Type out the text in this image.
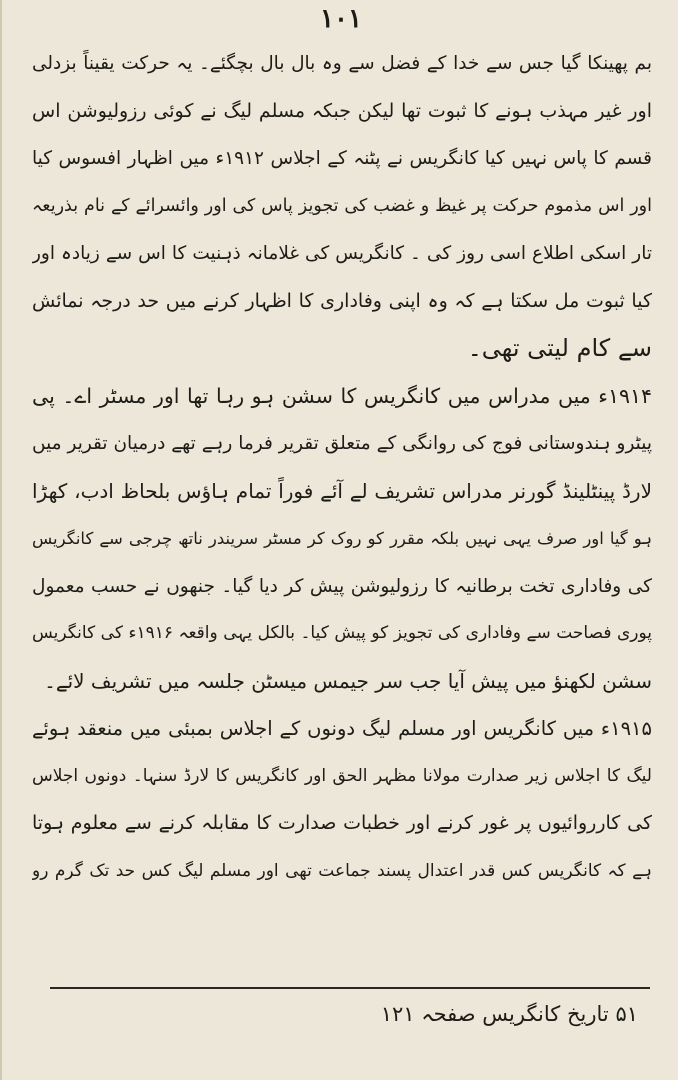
١٠١
بم پھینکا گیا جس سے خدا کے فضل سے وہ بال بال بچگئے۔ یہ حرکت یقیناً بزدلی
اور غیر مہذب ہونے کا ثبوت تھا لیکن جبکہ مسلم لیگ نے کوئی رزولیوشن اس
قسم کا پاس نہیں کیا کانگریس نے پٹنہ کے اجلاس ۱۹۱۲ء میں اظہار افسوس کیا
اور اس مذموم حرکت پر غیظ و غضب کی تجویز پاس کی اور وائسرائے کے نام بذریعہ
تار اسکی اطلاع اسی روز کی ۔ کانگریس کی غلامانہ ذہنیت کا اس سے زیادہ اور
کیا ثبوت مل سکتا ہے کہ وہ اپنی وفاداری کا اظہار کرنے میں حد درجہ نمائش
سے کام لیتی تھی۔
۱۹۱۴ء میں مدراس میں کانگریس کا سشن ہو رہا تھا اور مسٹر اے۔ پی
پیٹرو ہندوستانی فوج کی روانگی کے متعلق تقریر فرما رہے تھے درمیان تقریر میں
لارڈ پینٹلینڈ گورنر مدراس تشریف لے آئے فوراً تمام ہاؤس بلحاظ ادب، کھڑا
ہو گیا اور صرف یہی نہیں بلکہ مقرر کو روک کر مسٹر سریندر ناتھ چرجی سے کانگریس
کی وفاداری تخت برطانیہ کا رزولیوشن پیش کر دیا گیا۔ جنھوں نے حسب معمول
پوری فصاحت سے وفاداری کی تجویز کو پیش کیا۔ بالکل یہی واقعہ ۱۹۱۶ء کی کانگریس
سشن لکھنؤ میں پیش آیا جب سر جیمس میسٹن جلسہ میں تشریف لائے۔
۱۹۱۵ء میں کانگریس اور مسلم لیگ دونوں کے اجلاس بمبئی میں منعقد ہوئے
لیگ کا اجلاس زیر صدارت مولانا مظہر الحق اور کانگریس کا لارڈ سنہا۔ دونوں اجلاس
کی کارروائیوں پر غور کرنے اور خطبات صدارت کا مقابلہ کرنے سے معلوم ہوتا
ہے کہ کانگریس کس قدر اعتدال پسند جماعت تھی اور مسلم لیگ کس حد تک گرم رو
۵۱ تاریخ کانگریس صفحہ ۱۲۱
